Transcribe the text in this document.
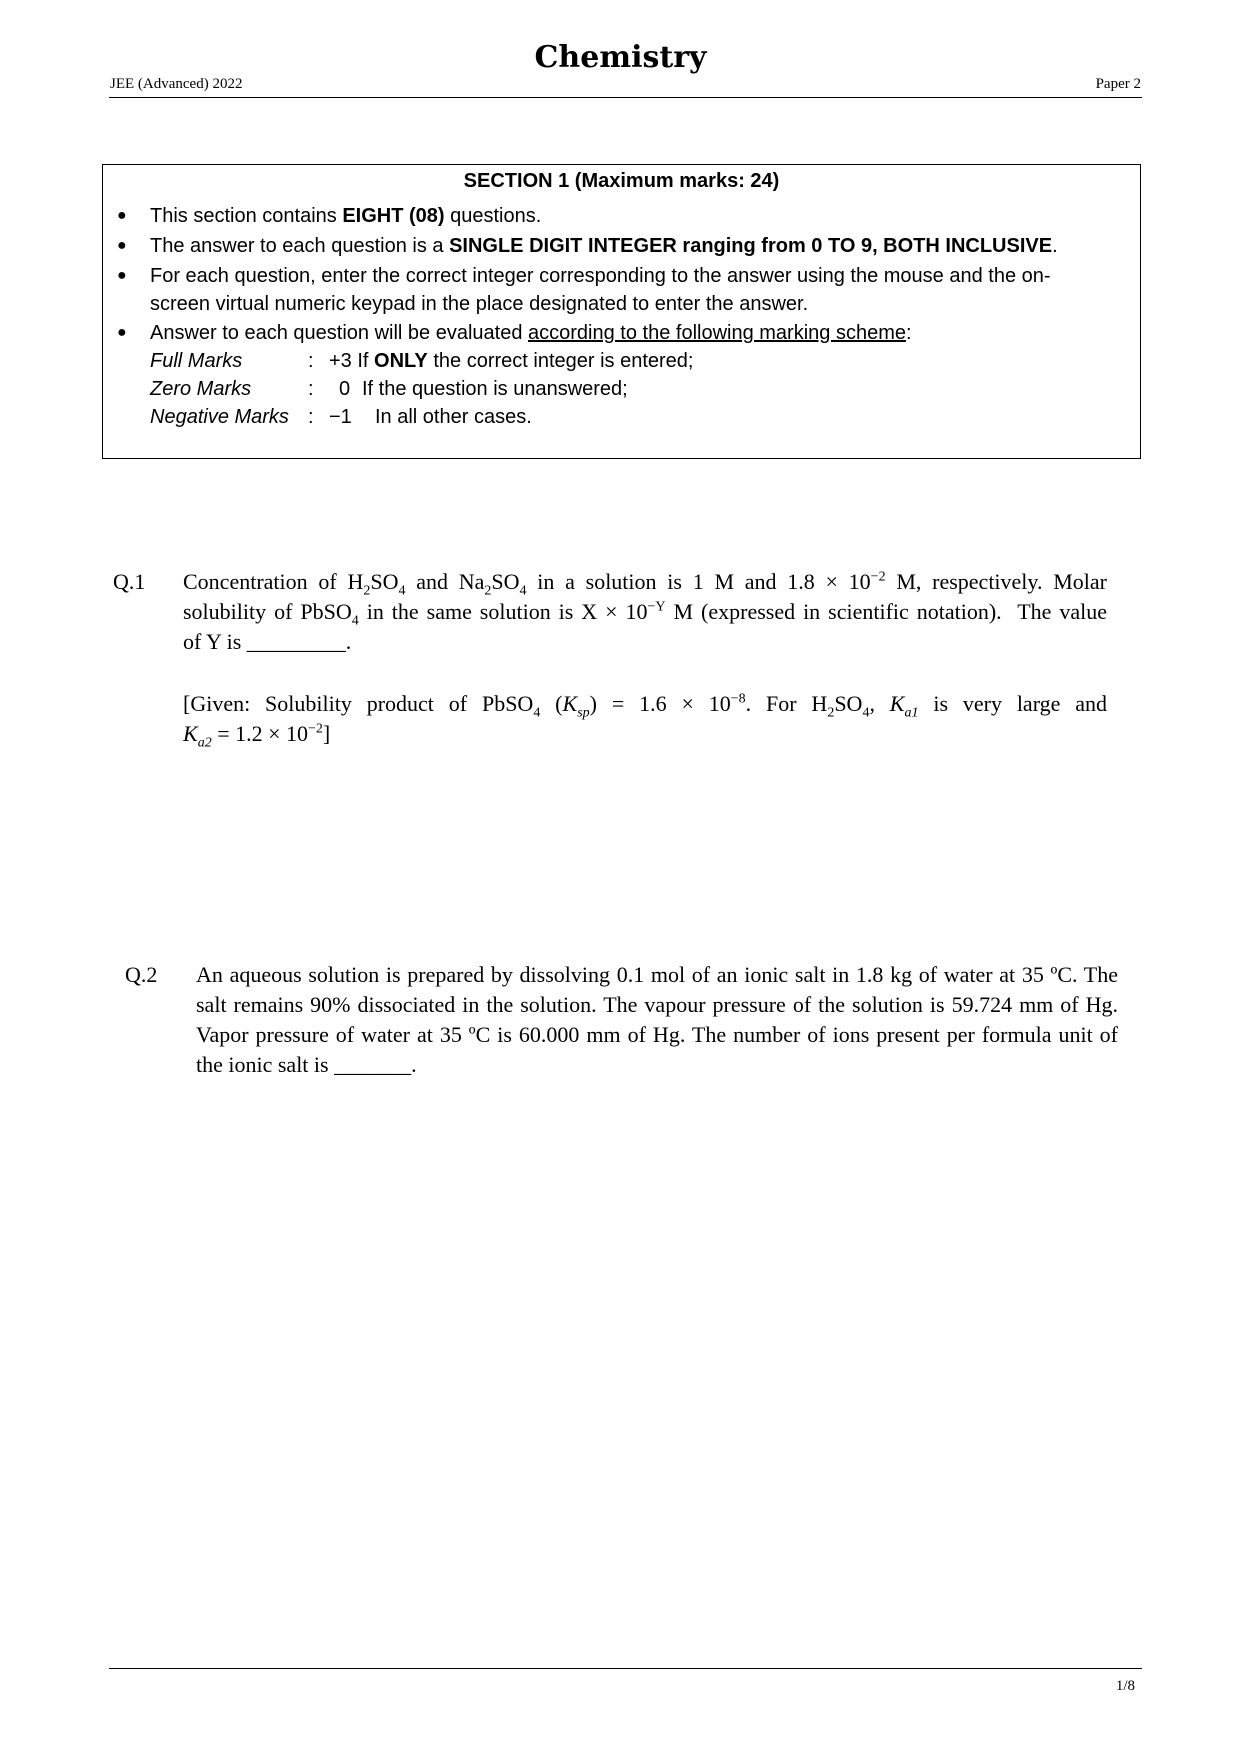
Chemistry
JEE (Advanced) 2022	Paper 2
SECTION 1 (Maximum marks: 24)
● This section contains EIGHT (08) questions.
● The answer to each question is a SINGLE DIGIT INTEGER ranging from 0 TO 9, BOTH INCLUSIVE.
● For each question, enter the correct integer corresponding to the answer using the mouse and the on-
screen virtual numeric keypad in the place designated to enter the answer.
● Answer to each question will be evaluated according to the following marking scheme:
Full Marks	: +3 If ONLY the correct integer is entered;
Zero Marks	: 0 If the question is unanswered;
Negative Marks : −1 In all other cases.
Q.1 Concentration of $H_2SO_4$ and $Na_2SO_4$ in a solution is 1 M and $1.8 \times 10^{-2}$ M, respectively. Molar
solubility of PbSO$_4$ in the same solution is $X \times 10^{-Y}$ M (expressed in scientific notation).  The value
of Y is _________.
[Given: Solubility product of PbSO$_4$ $(K_{sp}) = 1.6 \times 10^{-8}$. For $H_2SO_4$, $K_{a1}$ is very large and
$K_{a2} = 1.2 \times 10^{-2}$]
Q.2 An aqueous solution is prepared by dissolving 0.1 mol of an ionic salt in 1.8 kg of water at 35 ºC. The salt remains 90% dissociated in the solution. The vapour pressure of the solution is 59.724 mm of Hg. Vapor pressure of water at 35 ºC is 60.000 mm of Hg. The number of ions present per formula unit of the ionic salt is _______.
1/8
